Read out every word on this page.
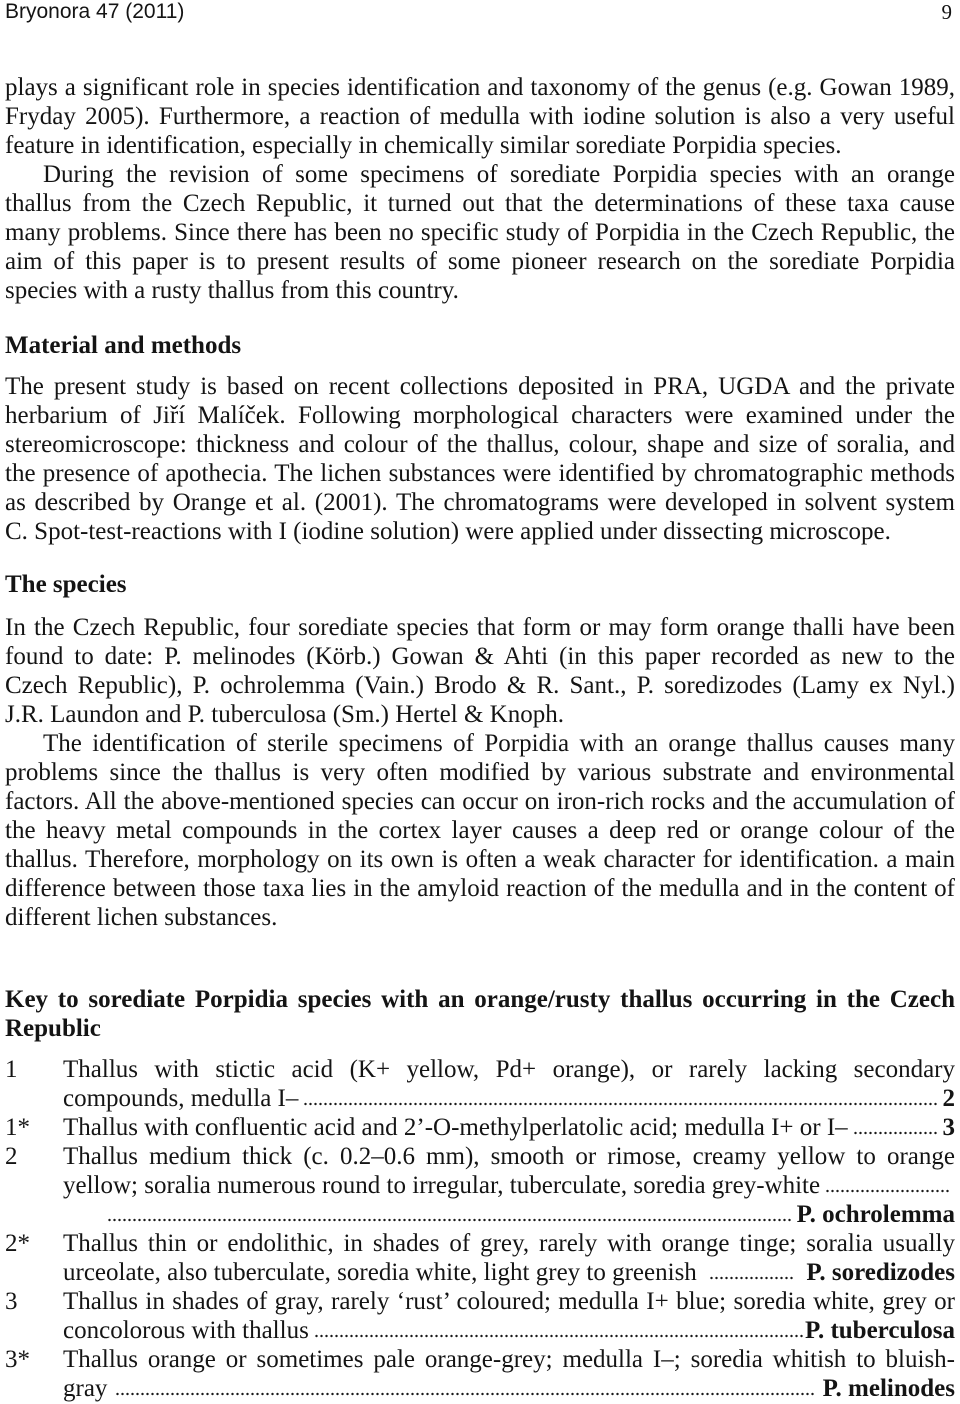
Bryonora 47 (2011)	9
plays a significant role in species identification and taxonomy of the genus (e.g. Gowan 1989,
Fryday 2005). Furthermore, a reaction of medulla with iodine solution is also a very useful
feature in identification, especially in chemically similar sorediate Porpidia species.
During the revision of some specimens of sorediate Porpidia species with an orange
thallus from the Czech Republic, it turned out that the determinations of these taxa cause
many problems. Since there has been no specific study of Porpidia in the Czech Republic, the
aim of this paper is to present results of some pioneer research on the sorediate Porpidia
species with a rusty thallus from this country.
Material and methods
The present study is based on recent collections deposited in PRA, UGDA and the private
herbarium of Jiří Malíček. Following morphological characters were examined under the
stereomicroscope: thickness and colour of the thallus, colour, shape and size of soralia, and
the presence of apothecia. The lichen substances were identified by chromatographic methods
as described by Orange et al. (2001). The chromatograms were developed in solvent system
C. Spot-test-reactions with I (iodine solution) were applied under dissecting microscope.
The species
In the Czech Republic, four sorediate species that form or may form orange thalli have been
found to date: P. melinodes (Körb.) Gowan & Ahti (in this paper recorded as new to the
Czech Republic), P. ochrolemma (Vain.) Brodo & R. Sant., P. soredizodes (Lamy ex Nyl.)
J.R. Laundon and P. tuberculosa (Sm.) Hertel & Knoph.
The identification of sterile specimens of Porpidia with an orange thallus causes many
problems since the thallus is very often modified by various substrate and environmental
factors. All the above-mentioned species can occur on iron-rich rocks and the accumulation of
the heavy metal compounds in the cortex layer causes a deep red or orange colour of the
thallus. Therefore, morphology on its own is often a weak character for identification. a main
difference between those taxa lies in the amyloid reaction of the medulla and in the content of
different lichen substances.
Key to sorediate Porpidia species with an orange/rusty thallus occurring in the Czech
Republic
1	Thallus with stictic acid (K+ yellow, Pd+ orange), or rarely lacking secondary
compounds, medulla I–	2
1*	Thallus with confluentic acid and 2’-O-methylperlatolic acid; medulla I+ or I–	3
2	Thallus medium thick (c. 0.2–0.6 mm), smooth or rimose, creamy yellow to orange
yellow; soralia numerous round to irregular, tuberculate, soredia grey-white
P. ochrolemma
2*	Thallus thin or endolithic, in shades of grey, rarely with orange tinge; soralia usually
urceolate, also tuberculate, soredia white, light grey to greenish	P. soredizodes
3	Thallus in shades of gray, rarely ‘rust’ coloured; medulla I+ blue; soredia white, grey or
concolorous with thallus	P. tuberculosa
3*	Thallus orange or sometimes pale orange-grey; medulla I–; soredia whitish to bluish-
gray	P. melinodes
